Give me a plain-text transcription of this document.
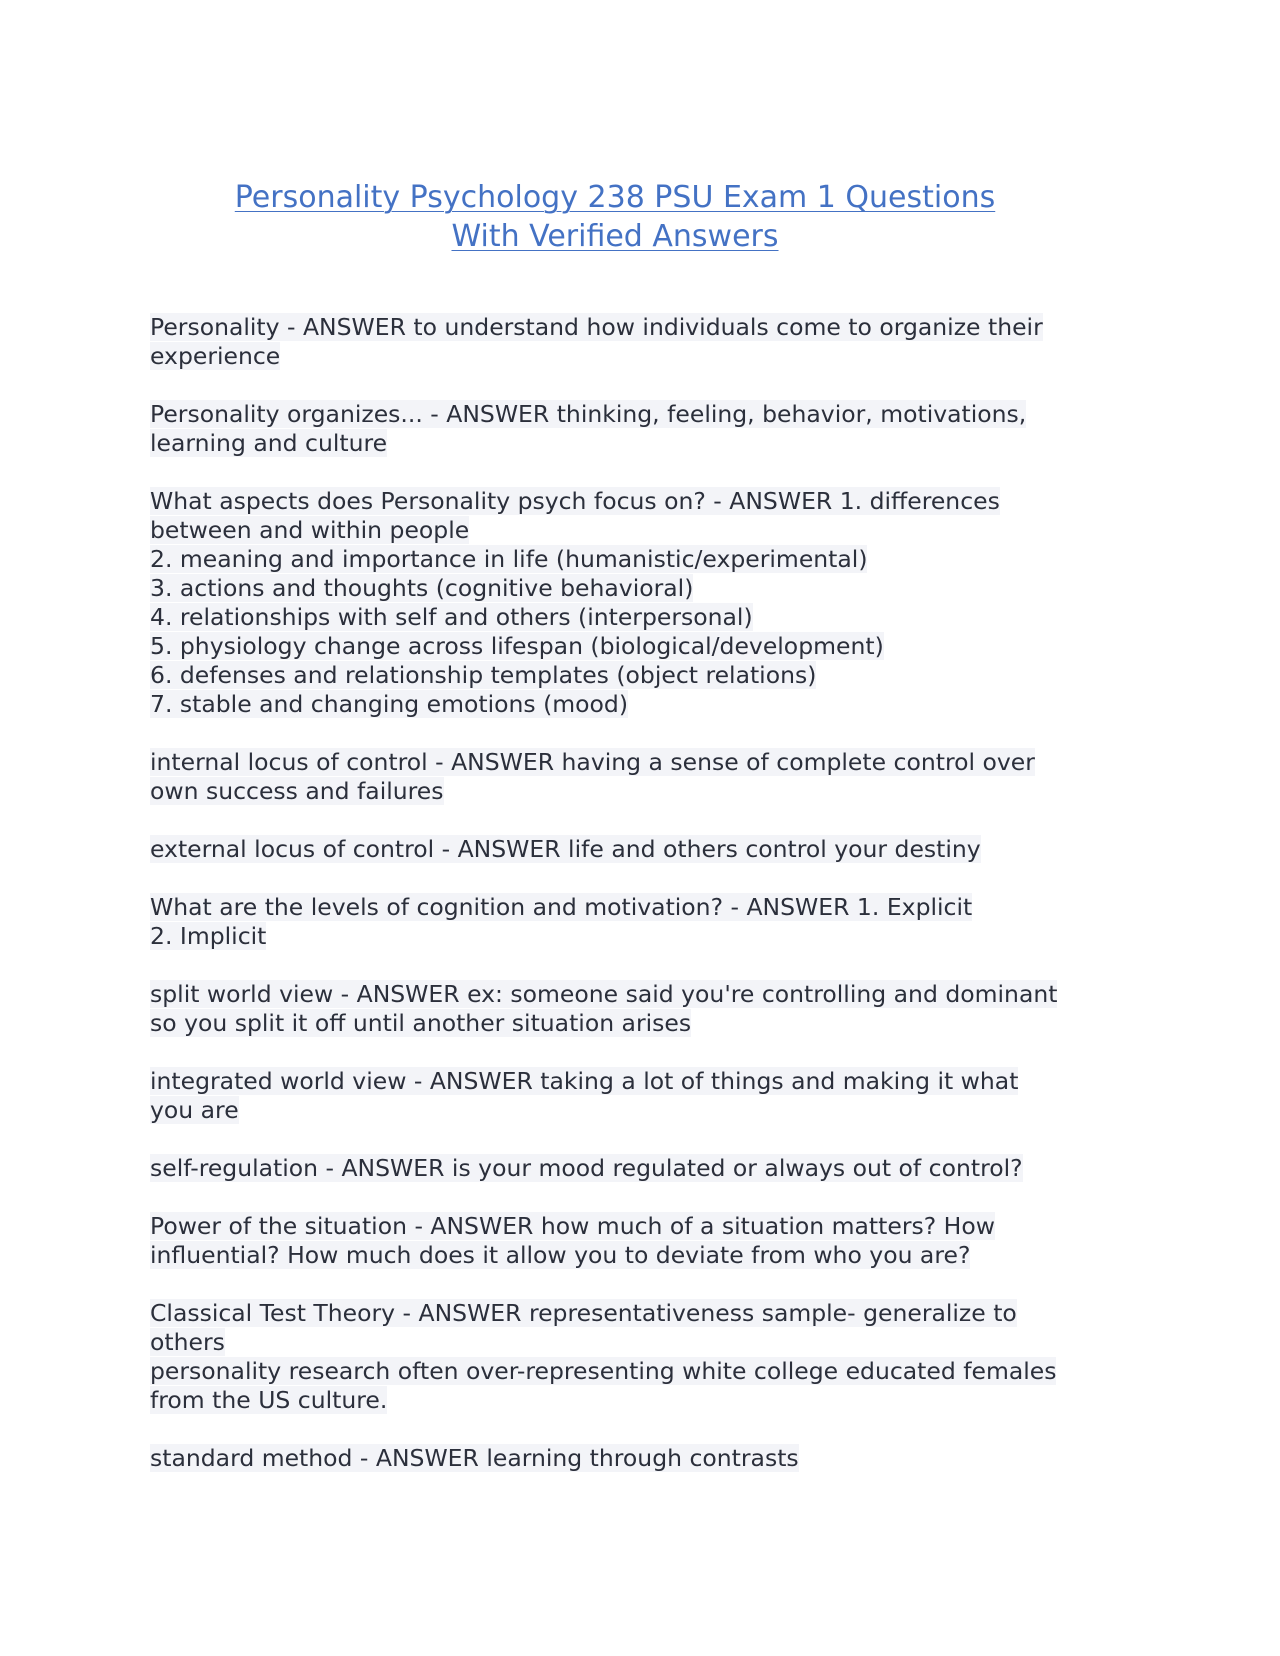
Personality Psychology 238 PSU Exam 1 Questions
With Verified Answers

Personality - ANSWER to understand how individuals come to organize their
experience

Personality organizes... - ANSWER thinking, feeling, behavior, motivations,
learning and culture

What aspects does Personality psych focus on? - ANSWER 1. differences
between and within people
2. meaning and importance in life (humanistic/experimental)
3. actions and thoughts (cognitive behavioral)
4. relationships with self and others (interpersonal)
5. physiology change across lifespan (biological/development)
6. defenses and relationship templates (object relations)
7. stable and changing emotions (mood)

internal locus of control - ANSWER having a sense of complete control over
own success and failures

external locus of control - ANSWER life and others control your destiny

What are the levels of cognition and motivation? - ANSWER 1. Explicit
2. Implicit

split world view - ANSWER ex: someone said you're controlling and dominant
so you split it off until another situation arises

integrated world view - ANSWER taking a lot of things and making it what
you are

self-regulation - ANSWER is your mood regulated or always out of control?

Power of the situation - ANSWER how much of a situation matters? How
influential? How much does it allow you to deviate from who you are?

Classical Test Theory - ANSWER representativeness sample- generalize to
others
personality research often over-representing white college educated females
from the US culture.

standard method - ANSWER learning through contrasts
